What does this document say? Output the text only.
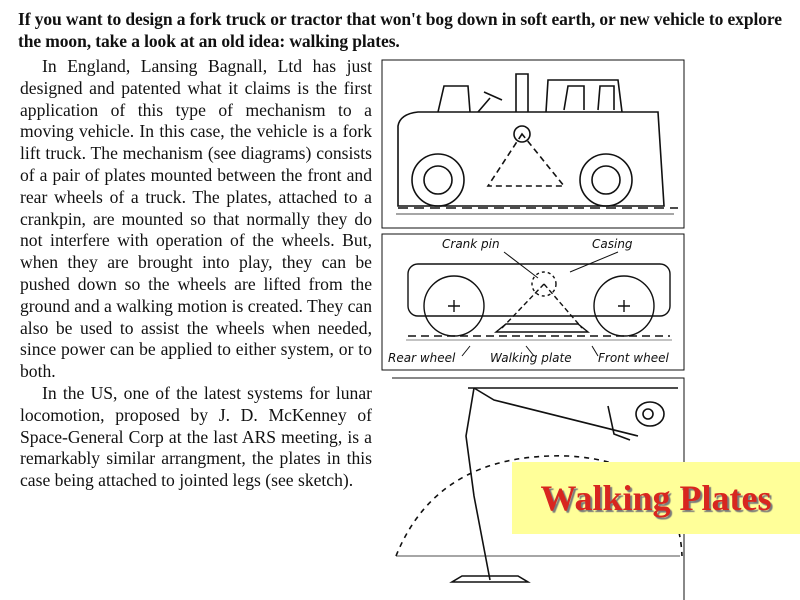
If you want to design a fork truck or tractor that won't bog down in soft earth, or new vehicle to explore the moon, take a look at an old idea: walking plates.

In England, Lansing Bagnall, Ltd has just designed and patented what it claims is the first application of this type of mechanism to a moving vehicle. In this case, the vehicle is a fork lift truck. The mechanism (see diagrams) consists of a pair of plates mounted between the front and rear wheels of a truck. The plates, attached to a crankpin, are mounted so that normally they do not interfere with operation of the wheels. But, when they are brought into play, they can be pushed down so the wheels are lifted from the ground and a walking motion is created. They can also be used to assist the wheels when needed, since power can be applied to either system, or to both.

In the US, one of the latest systems for lunar locomotion, proposed by J. D. McKenney of Space-General Corp at the last ARS meeting, is a remarkably similar arrangment, the plates in this case being attached to jointed legs (see sketch).

Crank pin	Casing
Rear wheel	Walking plate Front wheel
Walking Plates
